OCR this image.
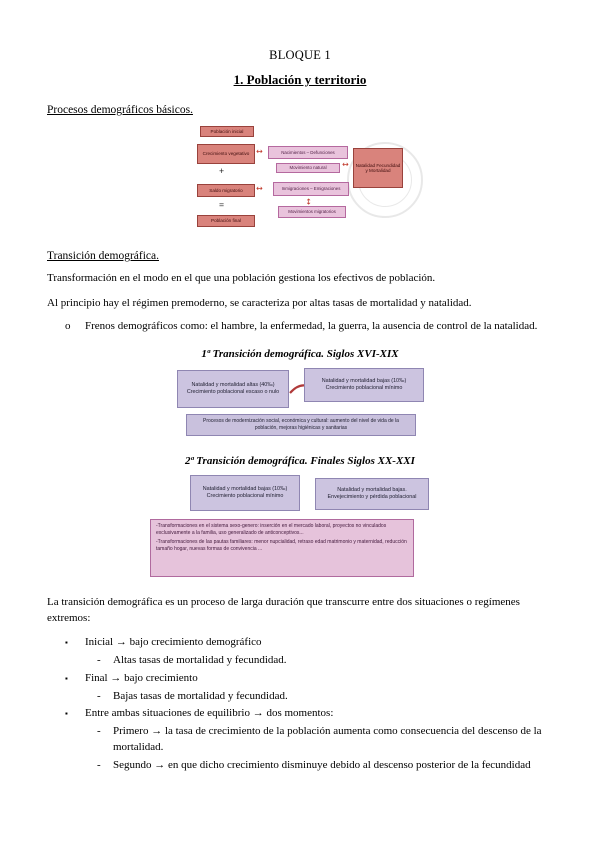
BLOQUE 1
1. Población y territorio
Procesos demográficos básicos.
Población inicial
Crecimiento vegetativo
+
Saldo migratorio
=
Población final
↔	Nacimientos – Defunciones
Movimiento natural	↔	Natalidad Fecundidad y Mortalidad
↔	Inmigraciones – Emigraciones
↔
Movimientos migratorios
Transición demográfica.
Transformación en el modo en el que una población gestiona los efectivos de población.
Al principio hay el régimen premoderno, se caracteriza por altas tasas de mortalidad y natalidad.
o	Frenos demográficos como: el hambre, la enfermedad, la guerra, la ausencia de control de la natalidad.
1ª Transición demográfica. Siglos XVI-XIX
Natalidad y mortalidad altas (40‰) Crecimiento poblacional escaso o nulo
Natalidad y mortalidad bajas (10‰) Crecimiento poblacional mínimo
Procesos de modernización social, económica y cultural: aumento del nivel de vida de la población, mejoras higiénicas y sanitarias
2ª Transición demográfica. Finales Siglos XX-XXI
Natalidad y mortalidad bajas (10‰) Crecimiento poblacional mínimo
Natalidad y mortalidad bajas. Envejecimiento y pérdida poblacional

-Transformaciones en el sistema sexo-genero: inserción en el mercado laboral, proyectos no vinculados exclusivamente a la familia, uso generalizado de anticonceptivos...

-Transformaciones de las pautas familiares: menor nupcialidad, retraso edad matrimonio y maternidad, reducción tamaño hogar, nuevas formas de convivencia ...

La transición demográfica es un proceso de larga duración que transcurre entre dos situaciones o regímenes extremos:
▪	Inicial → bajo crecimiento demográfico
-	Altas tasas de mortalidad y fecundidad.
▪	Final → bajo crecimiento
-	Bajas tasas de mortalidad y fecundidad.
▪	Entre ambas situaciones de equilibrio → dos momentos:
-	Primero → la tasa de crecimiento de la población aumenta como consecuencia del descenso de la mortalidad.
-	Segundo → en que dicho crecimiento disminuye debido al descenso posterior de la fecundidad
